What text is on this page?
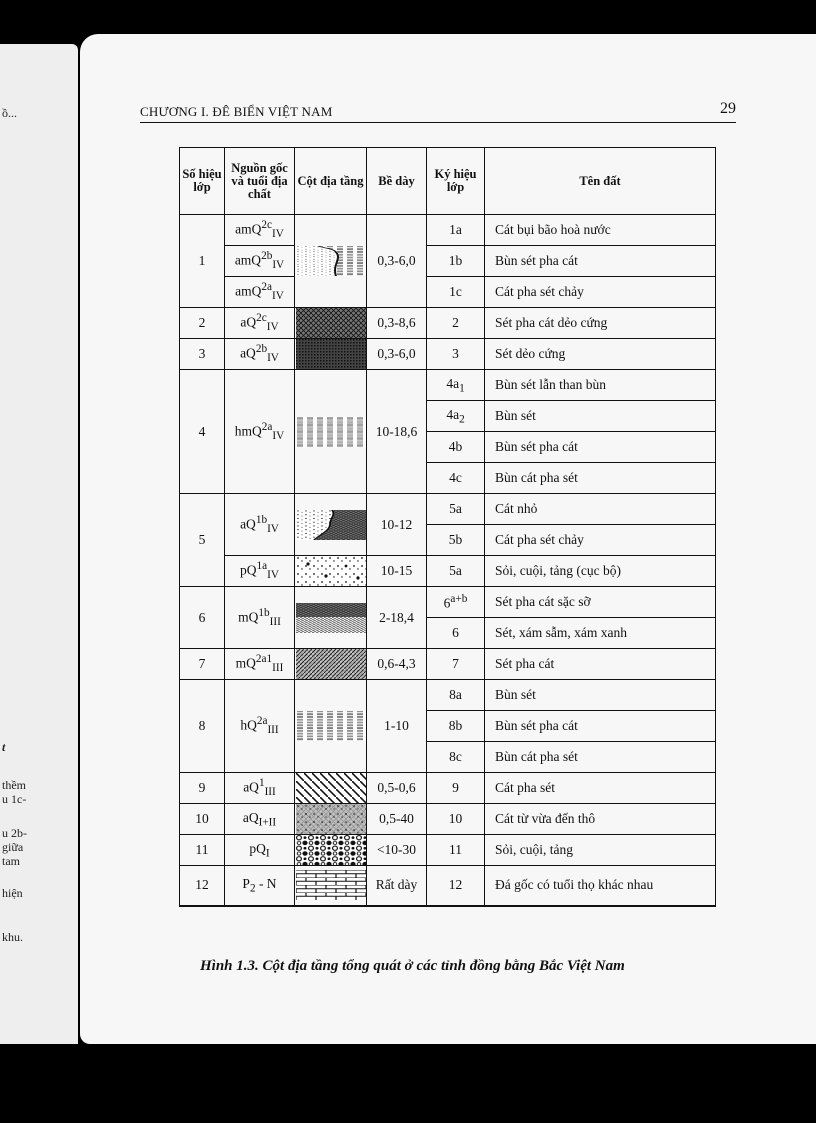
ồ...
t
thềm
u 1c-
u 2b-
giữa
tam
hiện
khu.
CHƯƠNG I. ĐÊ BIỂN VIỆT NAM	29
Số hiệu lớp	Nguồn gốc và tuổi địa chất	Cột địa tầng	Bề dày	Ký hiệu lớp	Tên đất
1	amQ$^{2c}_{IV}$		0,3-6,0	1a	Cát bụi bão hoà nước
	amQ$^{2b}_{IV}$			1b	Bùn sét pha cát
	amQ$^{2a}_{IV}$			1c	Cát pha sét chảy
2	$aQ^{2c}_{IV}$		0,3-8,6	2	Sét pha cát dẻo cứng
3	$aQ^{2b}_{IV}$		0,3-6,0	3	Sét dẻo cứng
4	hmQ$^{2a}_{IV}$		10-18,6	$4a_1$	Bùn sét lẫn than bùn
				$4a_2$	Bùn sét
				4b	Bùn sét pha cát
				4c	Bùn cát pha sét
5	$aQ^{1b}_{IV}$		10-12	5a	Cát nhỏ
				5b	Cát pha sét chảy
	$pQ^{1a}_{IV}$		10-15	5a	Sỏi, cuội, tảng (cục bộ)
6	$mQ^{1b}_{III}$		2-18,4	$6^{a+b}$	Sét pha cát sặc sỡ
				6	Sét, xám sẫm, xám xanh
7	$mQ^{2a1}_{III}$		0,6-4,3	7	Sét pha cát
8	$hQ^{2a}_{III}$		1-10	8a	Bùn sét
				8b	Bùn sét pha cát
				8c	Bùn cát pha sét
9	$aQ^1_{III}$		0,5-0,6	9	Cát pha sét
10	$aQ_{I+II}$		0,5-40	10	Cát từ vừa đến thô
11	$pQ_I$		<10-30	11	Sỏi, cuội, tảng
12	$P_2$ - N		Rất dày	12	Đá gốc có tuổi thọ khác nhau
Hình 1.3. Cột địa tầng tổng quát ở các tỉnh đồng bằng Bắc Việt Nam
